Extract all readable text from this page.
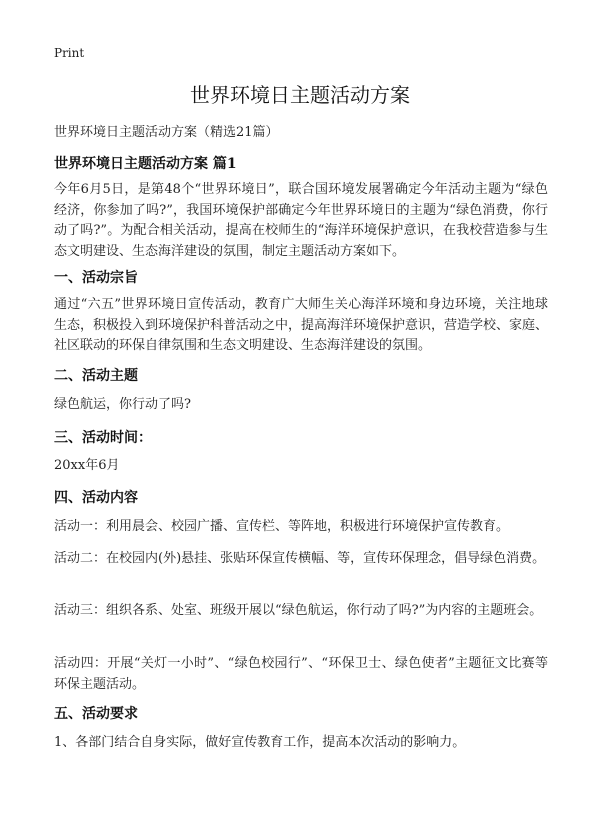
Print
世界环境日主题活动方案
世界环境日主题活动方案（精选21篇）
世界环境日主题活动方案 篇1
今年6月5日，是第48个“世界环境日”，联合国环境发展署确定今年活动主题为“绿色经济，你参加了吗?”，我国环境保护部确定今年世界环境日的主题为“绿色消费，你行动了吗?”。为配合相关活动，提高在校师生的“海洋环境保护意识，在我校营造参与生态文明建设、生态海洋建设的氛围，制定主题活动方案如下。
一、活动宗旨
通过“六五”世界环境日宣传活动，教育广大师生关心海洋环境和身边环境，关注地球生态，积极投入到环境保护科普活动之中，提高海洋环境保护意识，营造学校、家庭、社区联动的环保自律氛围和生态文明建设、生态海洋建设的氛围。
二、活动主题
绿色航运，你行动了吗?
三、活动时间：
20xx年6月
四、活动内容
活动一：利用晨会、校园广播、宣传栏、等阵地，积极进行环境保护宣传教育。
活动二：在校园内(外)悬挂、张贴环保宣传横幅、等，宣传环保理念，倡导绿色消费。
活动三：组织各系、处室、班级开展以“绿色航运，你行动了吗?”为内容的主题班会。
活动四：开展“关灯一小时”、“绿色校园行”、“环保卫士、绿色使者”主题征文比赛等环保主题活动。
五、活动要求
1、各部门结合自身实际，做好宣传教育工作，提高本次活动的影响力。
